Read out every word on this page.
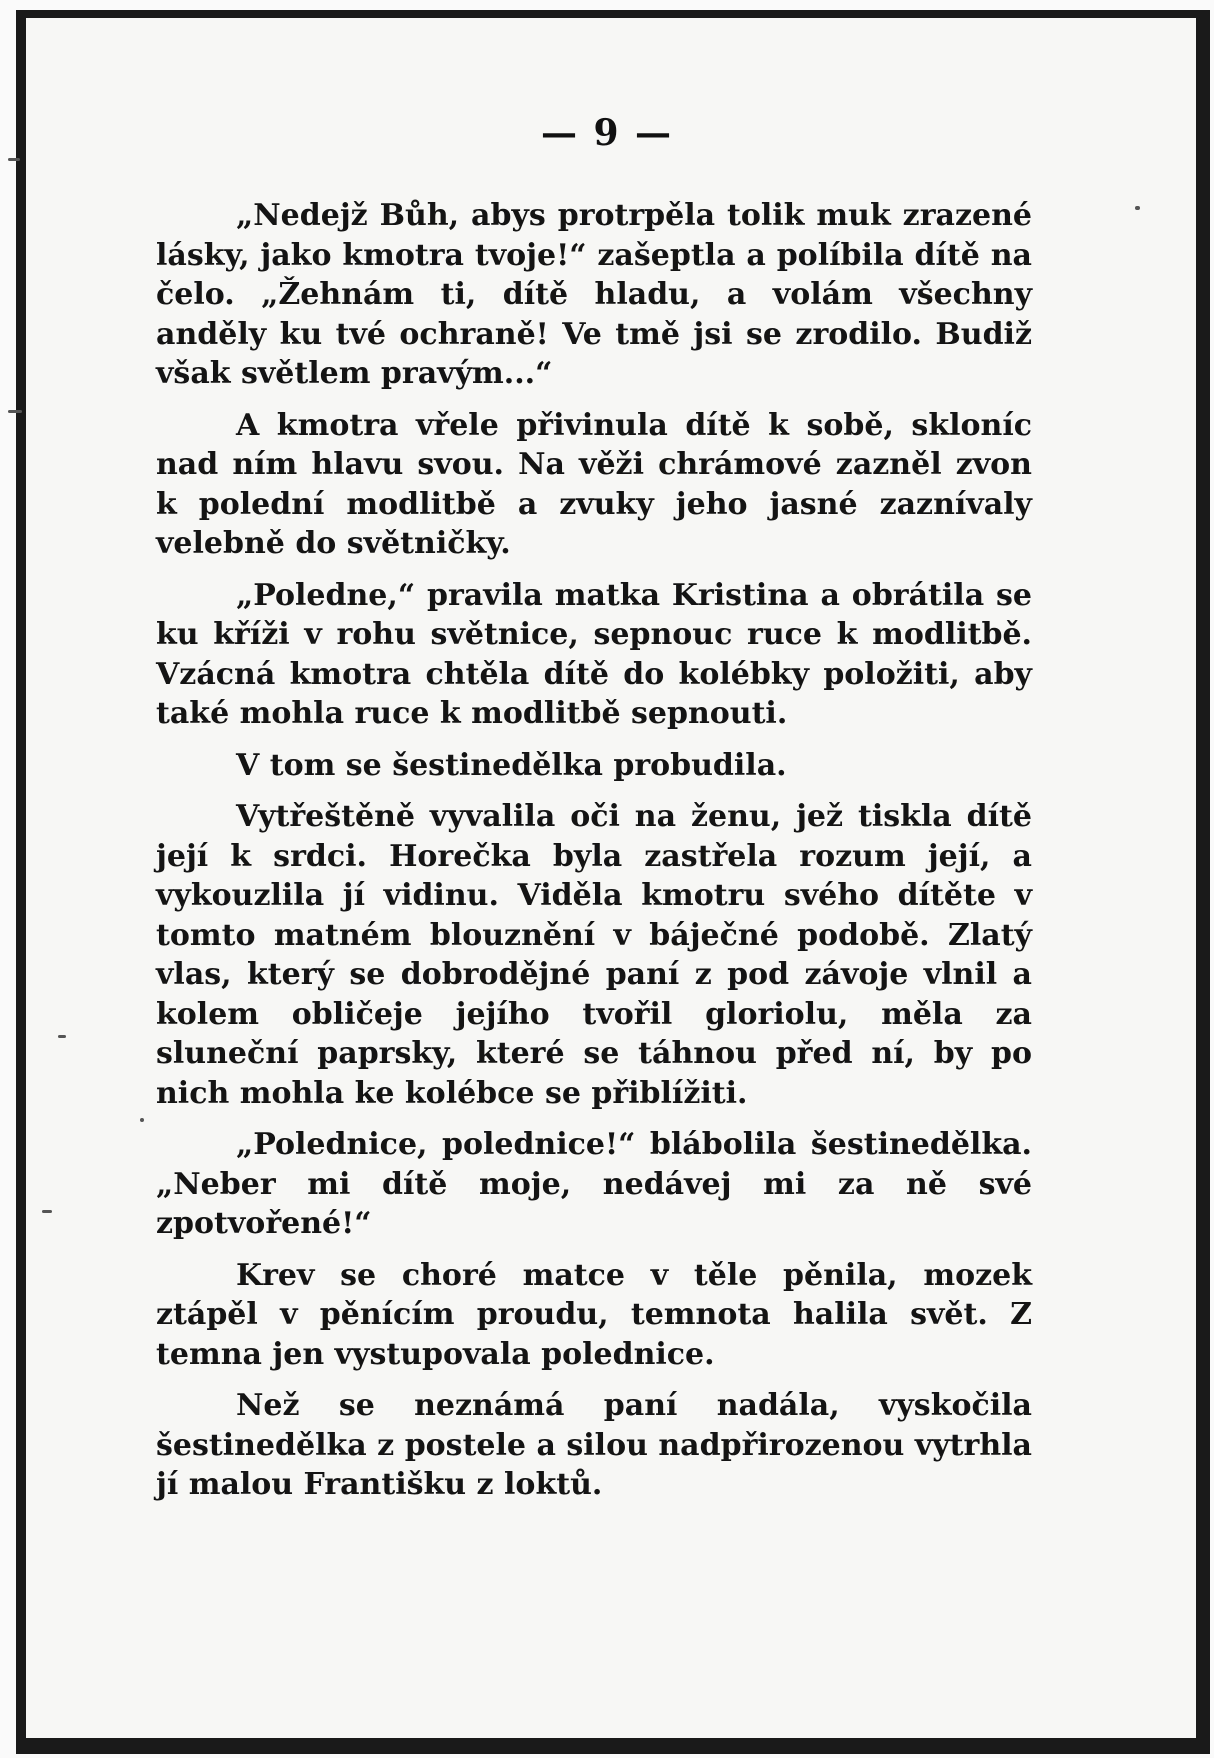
— 9 —

„Nedejž Bůh, abys protrpěla tolik muk zrazené lásky, jako kmotra tvoje!“ zašeptla a políbila dítě na čelo. „Žehnám ti, dítě hladu, a volám všechny anděly ku tvé ochraně! Ve tmě jsi se zrodilo. Budiž však světlem pravým...“

A kmotra vřele přivinula dítě k sobě, skloníc nad ním hlavu svou. Na věži chrámové zazněl zvon k polední modlitbě a zvuky jeho jasné zaznívaly velebně do světničky.

„Poledne,“ pravila matka Kristina a obrátila se ku kříži v rohu světnice, sepnouc ruce k modlitbě. Vzácná kmotra chtěla dítě do kolébky položiti, aby také mohla ruce k modlitbě sepnouti.

V tom se šestinedělka probudila.

Vytřeštěně vyvalila oči na ženu, jež tiskla dítě její k srdci. Horečka byla zastřela rozum její, a vykouzlila jí vidinu. Viděla kmotru svého dítěte v tomto matném blouznění v báječné podobě. Zlatý vlas, který se dobrodějné paní z pod závoje vlnil a kolem obličeje jejího tvořil gloriolu, měla za sluneční paprsky, které se táhnou před ní, by po nich mohla ke kolébce se přiblížiti.

„Polednice, polednice!“ blábolila šestinedělka. „Neber mi dítě moje, nedávej mi za ně své zpotvořené!“

Krev se choré matce v těle pěnila, mozek ztápěl v pěnícím proudu, temnota halila svět. Z temna jen vystupovala polednice.

Než se neznámá paní nadála, vyskočila šestinedělka z postele a silou nadpřirozenou vytrhla jí malou Františku z loktů.
